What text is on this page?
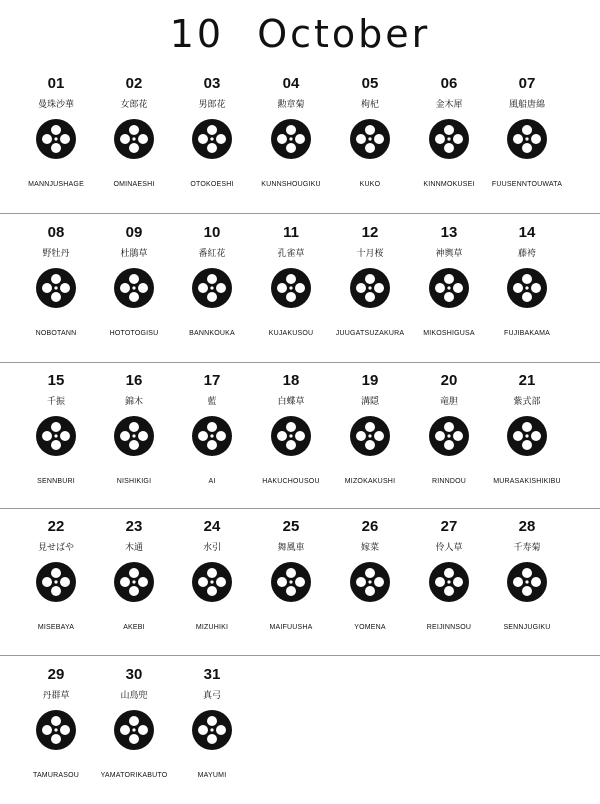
10 October
01
曼珠沙華
MANNJUSHAGE
02
女郎花
OMINAESHI
03
男郎花
OTOKOESHI
04
勲章菊
KUNNSHOUGIKU
05
枸杞
KUKO
06
金木犀
KINNMOKUSEI
07
風船唐綿
FUUSENNTOUWATA
08
野牡丹
NOBOTANN
09
杜鵑草
HOTOTOGISU
10
番紅花
BANNKOUKA
11
孔雀草
KUJAKUSOU
12
十月桜
JUUGATSUZAKURA
13
神輿草
MIKOSHIGUSA
14
藤袴
FUJIBAKAMA
15
千振
SENNBURI
16
錦木
NISHIKIGI
17
藍
AI
18
白蝶草
HAKUCHOUSOU
19
溝隠
MIZOKAKUSHI
20
竜胆
RINNDOU
21
紫式部
MURASAKISHIKIBU
22
見せばや
MISEBAYA
23
木通
AKEBI
24
水引
MIZUHIKI
25
舞風車
MAIFUUSHA
26
嫁菜
YOMENA
27
伶人草
REIJINNSOU
28
千寿菊
SENNJUGIKU
29
丹群草
TAMURASOU
30
山鳥兜
YAMATORIKABUTO
31
真弓
MAYUMI
